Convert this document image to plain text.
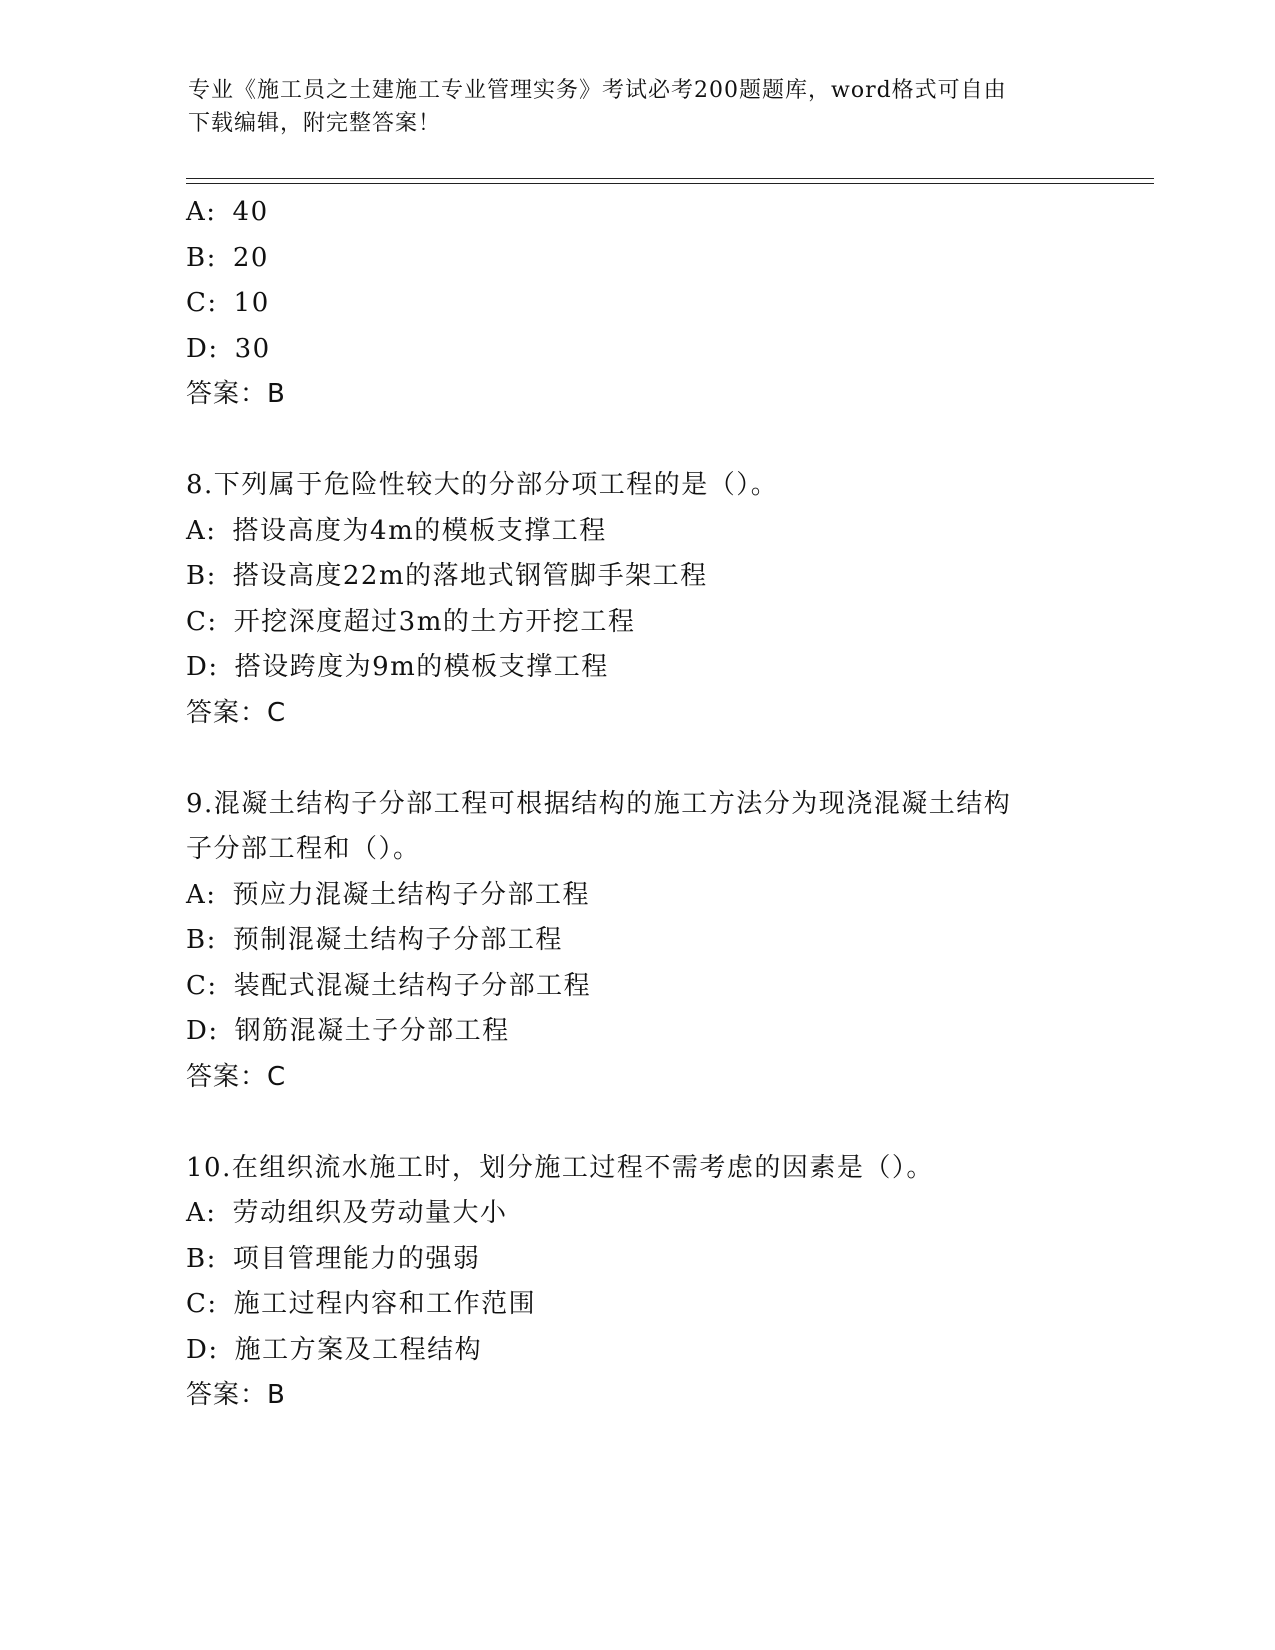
专业《施工员之土建施工专业管理实务》考试必考200题题库，word格式可自由
下载编辑，附完整答案！
A: 40
B: 20
C: 10
D: 30
答案：B
8.下列属于危险性较大的分部分项工程的是（）。
A: 搭设高度为4m的模板支撑工程
B: 搭设高度22m的落地式钢管脚手架工程
C: 开挖深度超过3m的土方开挖工程
D: 搭设跨度为9m的模板支撑工程
答案：C
9.混凝土结构子分部工程可根据结构的施工方法分为现浇混凝土结构
子分部工程和（）。
A: 预应力混凝土结构子分部工程
B: 预制混凝土结构子分部工程
C: 装配式混凝土结构子分部工程
D: 钢筋混凝土子分部工程
答案：C
10.在组织流水施工时，划分施工过程不需考虑的因素是（）。
A: 劳动组织及劳动量大小
B: 项目管理能力的强弱
C: 施工过程内容和工作范围
D: 施工方案及工程结构
答案：B
